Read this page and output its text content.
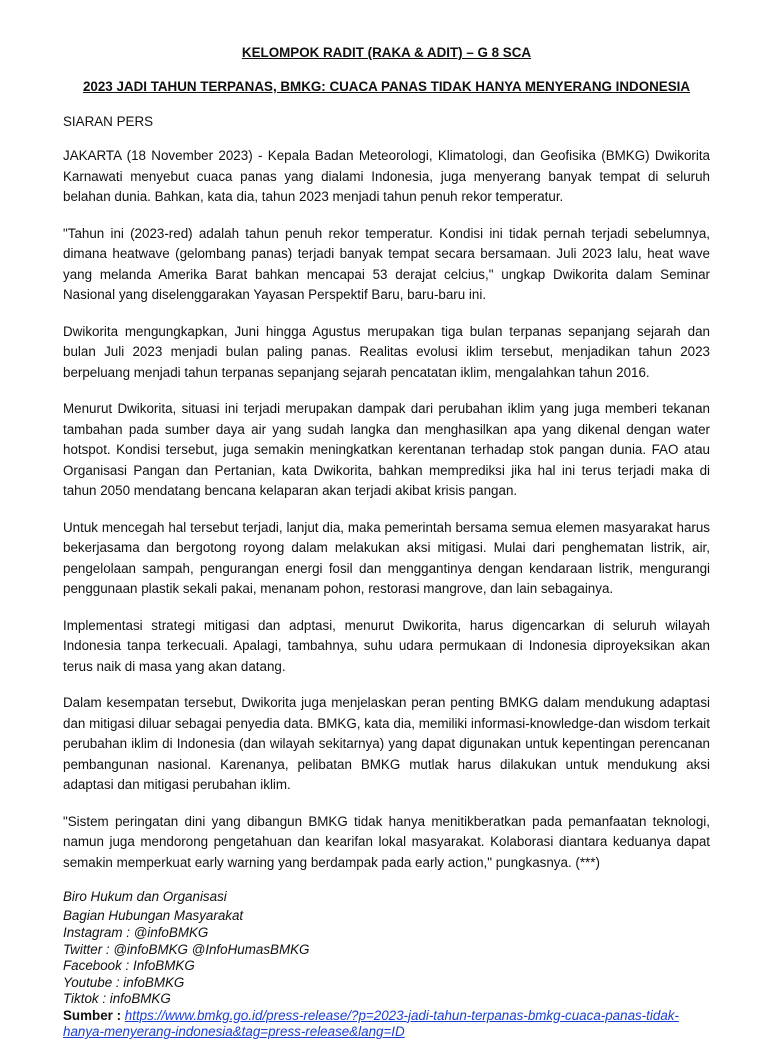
KELOMPOK RADIT (RAKA & ADIT) – G 8 SCA

2023 JADI TAHUN TERPANAS, BMKG: CUACA PANAS TIDAK HANYA MENYERANG INDONESIA

SIARAN PERS

JAKARTA (18 November 2023) - Kepala Badan Meteorologi, Klimatologi, dan Geofisika (BMKG) Dwikorita Karnawati menyebut cuaca panas yang dialami Indonesia, juga menyerang banyak tempat di seluruh belahan dunia. Bahkan, kata dia, tahun 2023 menjadi tahun penuh rekor temperatur.

"Tahun ini (2023-red) adalah tahun penuh rekor temperatur. Kondisi ini tidak pernah terjadi sebelumnya, dimana heatwave (gelombang panas) terjadi banyak tempat secara bersamaan. Juli 2023 lalu, heat wave yang melanda Amerika Barat bahkan mencapai 53 derajat celcius," ungkap Dwikorita dalam Seminar Nasional yang diselenggarakan Yayasan Perspektif Baru, baru-baru ini.

Dwikorita mengungkapkan, Juni hingga Agustus merupakan tiga bulan terpanas sepanjang sejarah dan bulan Juli 2023 menjadi bulan paling panas. Realitas evolusi iklim tersebut, menjadikan tahun 2023 berpeluang menjadi tahun terpanas sepanjang sejarah pencatatan iklim, mengalahkan tahun 2016.

Menurut Dwikorita, situasi ini terjadi merupakan dampak dari perubahan iklim yang juga memberi tekanan tambahan pada sumber daya air yang sudah langka dan menghasilkan apa yang dikenal dengan water hotspot. Kondisi tersebut, juga semakin meningkatkan kerentanan terhadap stok pangan dunia. FAO atau Organisasi Pangan dan Pertanian, kata Dwikorita, bahkan memprediksi jika hal ini terus terjadi maka di tahun 2050 mendatang bencana kelaparan akan terjadi akibat krisis pangan.

Untuk mencegah hal tersebut terjadi, lanjut dia, maka pemerintah bersama semua elemen masyarakat harus bekerjasama dan bergotong royong dalam melakukan aksi mitigasi. Mulai dari penghematan listrik, air, pengelolaan sampah, pengurangan energi fosil dan menggantinya dengan kendaraan listrik, mengurangi penggunaan plastik sekali pakai, menanam pohon, restorasi mangrove, dan lain sebagainya.

Implementasi strategi mitigasi dan adptasi, menurut Dwikorita, harus digencarkan di seluruh wilayah Indonesia tanpa terkecuali. Apalagi, tambahnya, suhu udara permukaan di Indonesia diproyeksikan akan terus naik di masa yang akan datang.

Dalam kesempatan tersebut, Dwikorita juga menjelaskan peran penting BMKG dalam mendukung adaptasi dan mitigasi diluar sebagai penyedia data. BMKG, kata dia, memiliki informasi-knowledge-dan wisdom terkait perubahan iklim di Indonesia (dan wilayah sekitarnya) yang dapat digunakan untuk kepentingan perencanan pembangunan nasional. Karenanya, pelibatan BMKG mutlak harus dilakukan untuk mendukung aksi adaptasi dan mitigasi perubahan iklim.

"Sistem peringatan dini yang dibangun BMKG tidak hanya menitikberatkan pada pemanfaatan teknologi, namun juga mendorong pengetahuan dan kearifan lokal masyarakat. Kolaborasi diantara keduanya dapat semakin memperkuat early warning yang berdampak pada early action," pungkasnya. (***)

Biro Hukum dan Organisasi
Bagian Hubungan Masyarakat
Instagram : @infoBMKG
Twitter : @infoBMKG @InfoHumasBMKG
Facebook : InfoBMKG
Youtube : infoBMKG
Tiktok : infoBMKG
Sumber : https://www.bmkg.go.id/press-release/?p=2023-jadi-tahun-terpanas-bmkg-cuaca-panas-tidak-
hanya-menyerang-indonesia&tag=press-release&lang=ID
